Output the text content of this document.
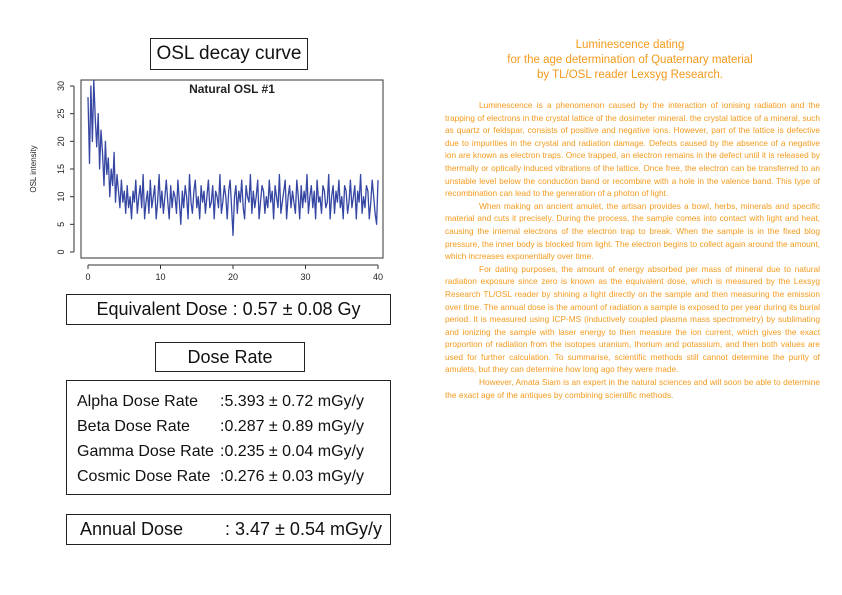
OSL decay curve
Natural OSL #1
OSL intensity
0
5
10
15
20
25
30
0	10	20	30	40
Equivalent Dose : 0.57 ± 0.08 Gy
Dose Rate
Alpha Dose Rate	:5.393 ± 0.72 mGy/y
Beta Dose Rate	:0.287 ± 0.89 mGy/y
Gamma Dose Rate :0.235 ± 0.04 mGy/y
Cosmic Dose Rate :0.276 ± 0.03 mGy/y
Annual Dose : 3.47 ± 0.54 mGy/y
Luminescence dating
for the age determination of Quaternary material
by TL/OSL reader Lexsyg Research.

Luminescence is a phenomenon caused by the interaction of ionising radiation and the trapping of electrons in the crystal lattice of the dosimeter mineral. the crystal lattice of a mineral, such as quartz or feldspar, consists of positive and negative ions. However, part of the lattice is defective due to impurities in the crystal and radiation damage. Defects caused by the absence of a negative ion are known as electron traps. Once trapped, an electron remains in the defect until it is released by thermally or optically induced vibrations of the lattice. Once free, the electron can be transferred to an unstable level below the conduction band or recombine with a hole in the valence band. This type of recombination can lead to the generation of a photon of light.

When making an ancient amulet, the artisan provides a bowl, herbs, minerals and specific material and cuts it precisely. During the process, the sample comes into contact with light and heat, causing the internal electrons of the electron trap to break. When the sample is in the fixed blog pressure, the inner body is blocked from light. The electron begins to collect again around the amount, which increases exponentially over time.

For dating purposes, the amount of energy absorbed per mass of mineral due to natural radiation exposure since zero is known as the equivalent dose, which is measured by the Lexsyg Research TL/OSL reader by shining a light directly on the sample and then measuring the emission over time. The annual dose is the amount of radiation a sample is exposed to per year during its burial period. It is measured using ICP-MS (inductively coupled plasma mass spectrometry) by sublimating and ionizing the sample with laser energy to then measure the ion current, which gives the exact proportion of radiation from the isotopes uranium, thorium and potassium, and then both values are used for further calculation. To summarise, scientific methods still cannot determine the purity of amulets, but they can determine how long ago they were made.

However, Amata Siam is an expert in the natural sciences and will soon be able to determine the exact age of the antiques by combining scientific methods.
